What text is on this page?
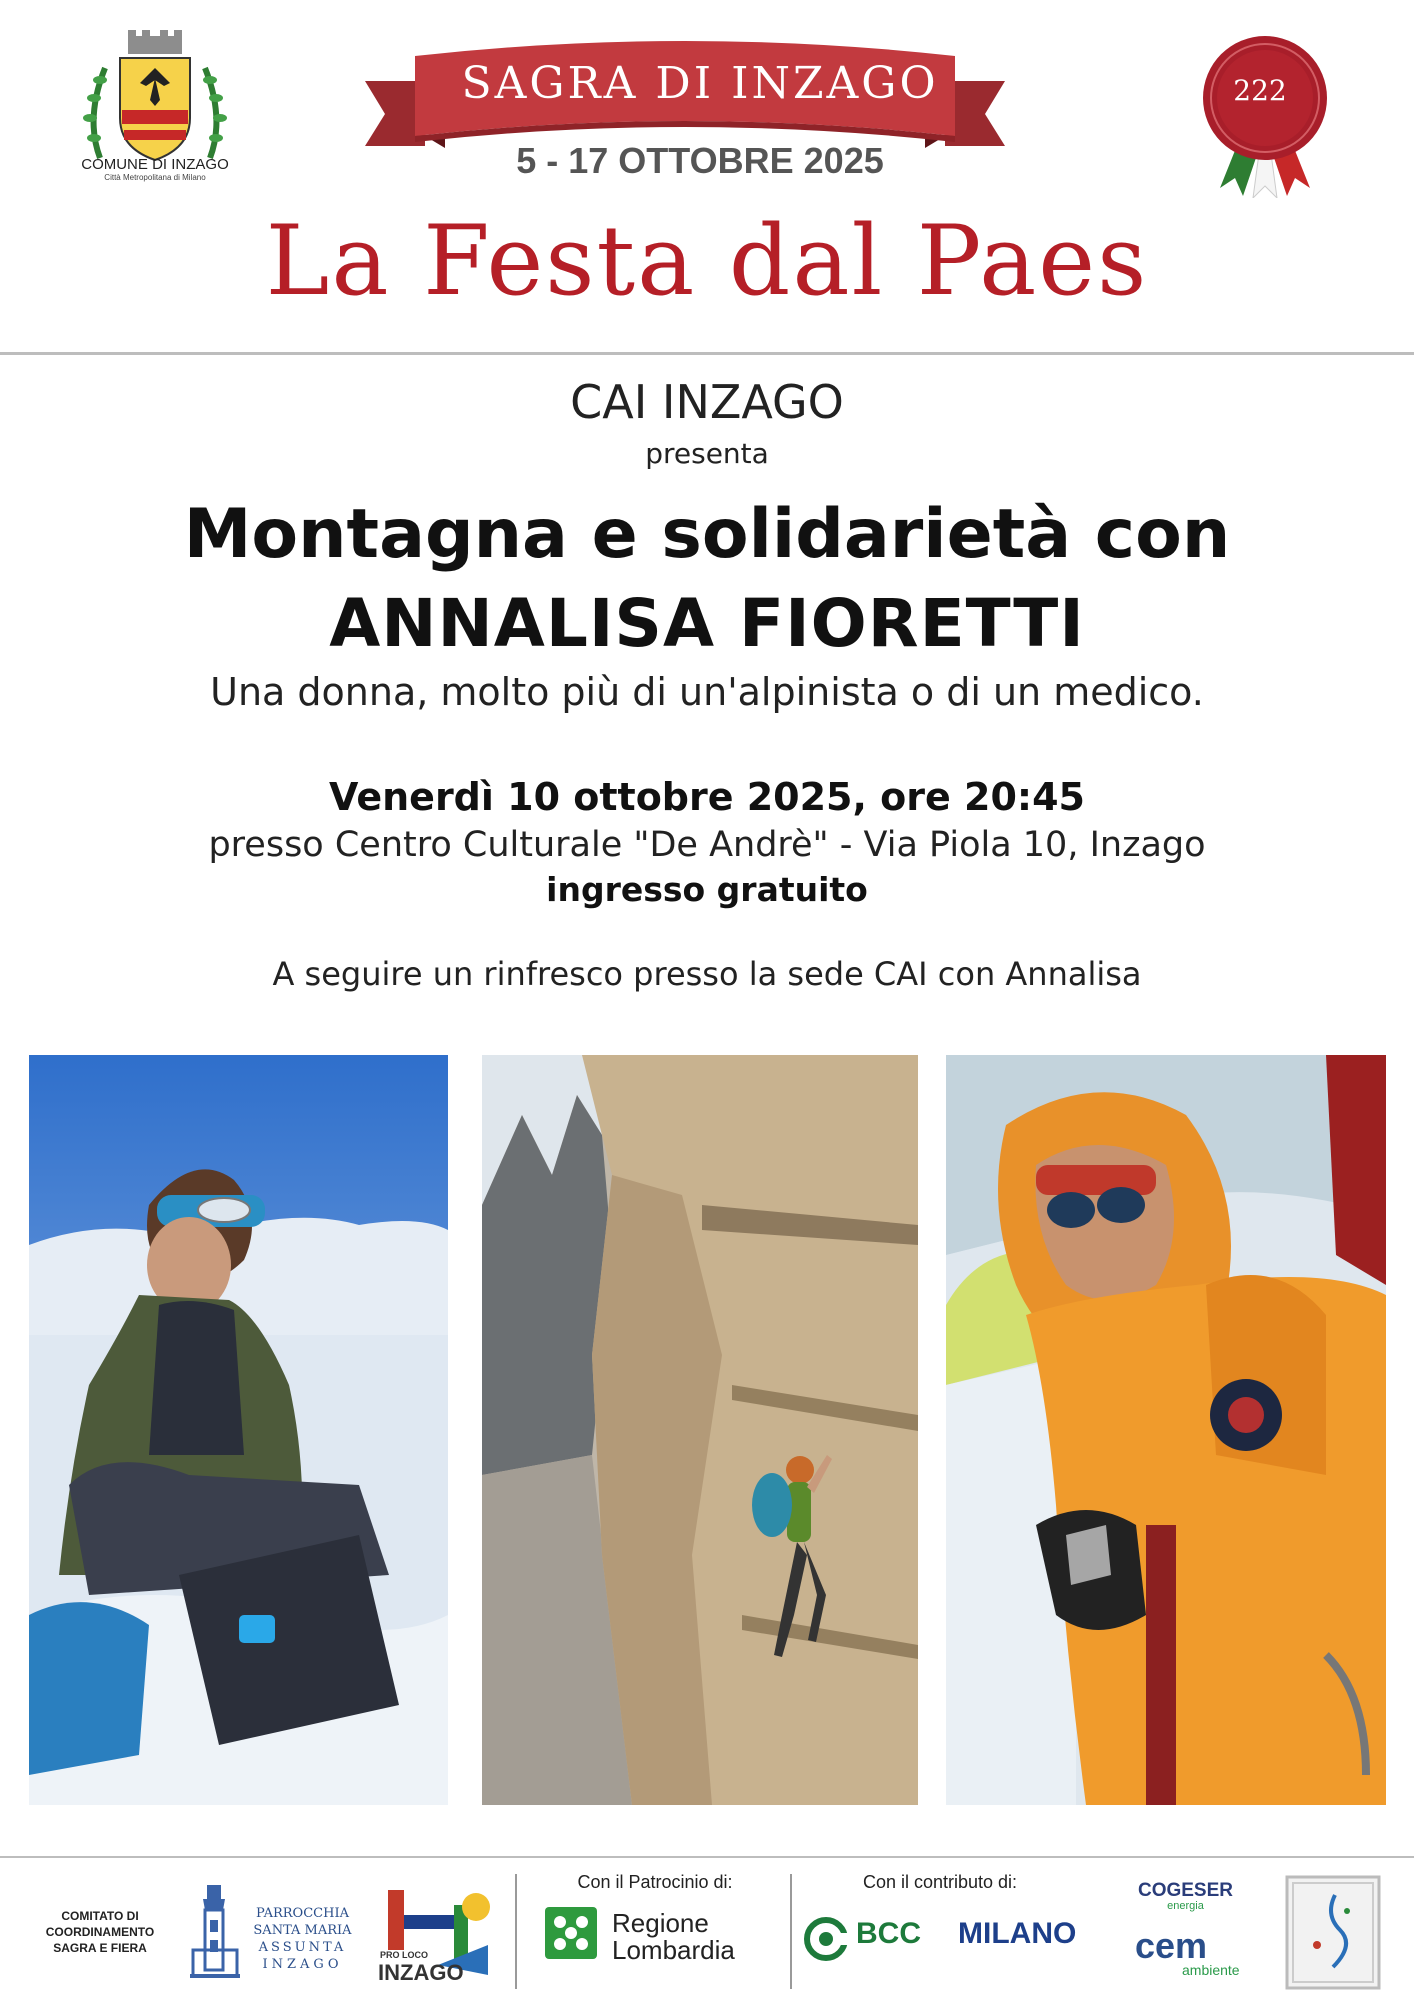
COMUNE DI INZAGO
Città Metropolitana di Milano
SAGRA DI INZAGO
5 - 17 OTTOBRE 2025
222
La Festa dal Paes
CAI INZAGO
presenta
Montagna e solidarietà con
ANNALISA FIORETTI
Una donna, molto più di un'alpinista o di un medico.
Venerdì 10 ottobre 2025, ore 20:45
presso Centro Culturale "De Andrè" - Via Piola 10, Inzago
ingresso gratuito
A seguire un rinfresco presso la sede CAI con Annalisa
COMITATO DI COORDINAMENTO SAGRA E FIERA
PARROCCHIA
SANTA MARIA
ASSUNTA
INZAGO
PRO LOCO
INZAGO
Con il Patrocinio di:
Regione
Lombardia
Con il contributo di:
BCC MILANO
COGESER
energia
cem
ambiente
